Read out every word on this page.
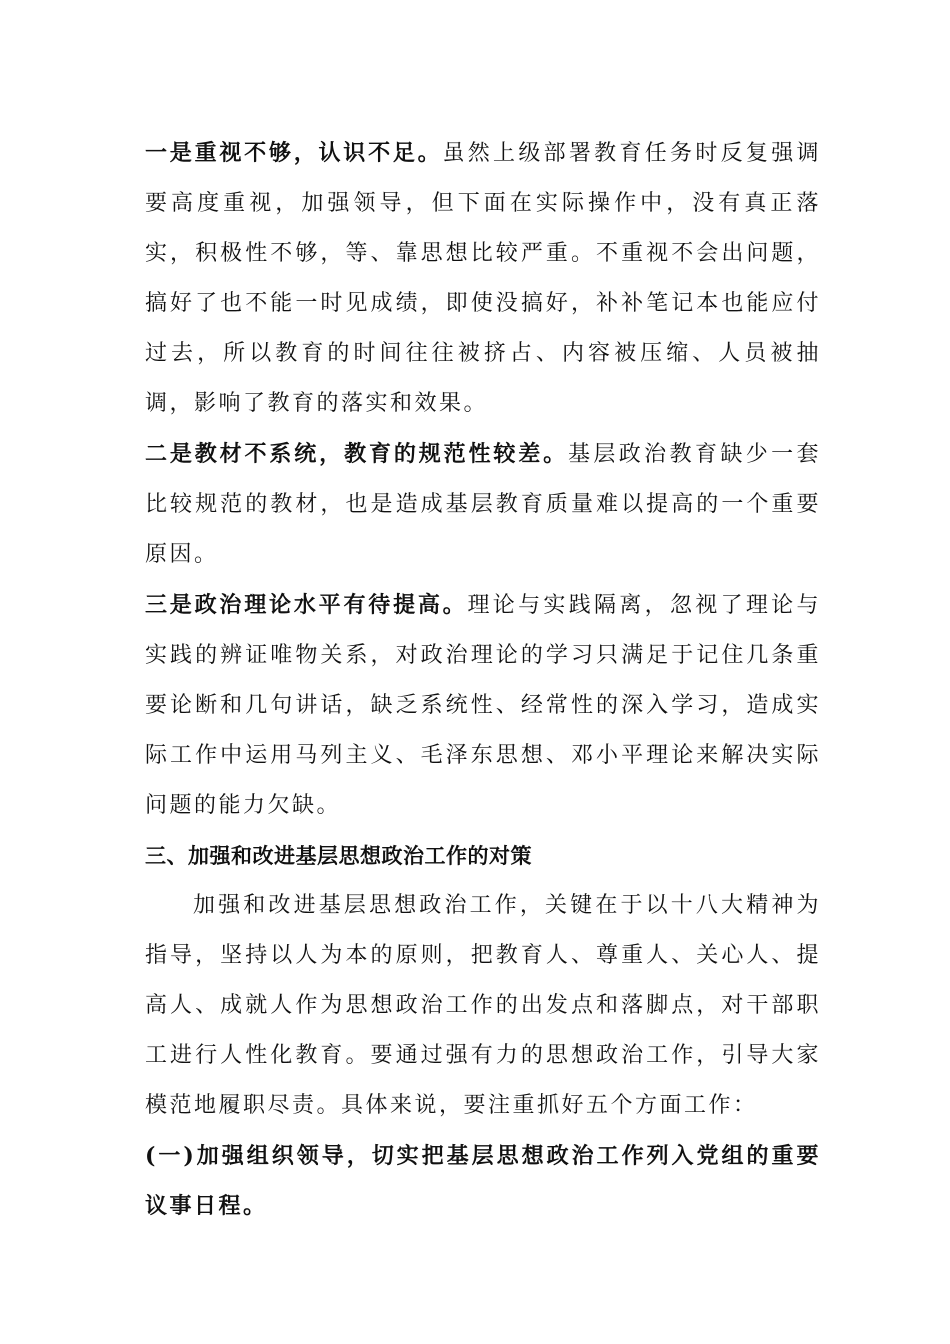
一是重视不够，认识不足。虽然上级部署教育任务时反复强调要高度重视，加强领导，但下面在实际操作中，没有真正落实，积极性不够，等、靠思想比较严重。不重视不会出问题，搞好了也不能一时见成绩，即使没搞好，补补笔记本也能应付过去，所以教育的时间往往被挤占、内容被压缩、人员被抽调，影响了教育的落实和效果。

二是教材不系统，教育的规范性较差。基层政治教育缺少一套比较规范的教材，也是造成基层教育质量难以提高的一个重要原因。

三是政治理论水平有待提高。理论与实践隔离，忽视了理论与实践的辨证唯物关系，对政治理论的学习只满足于记住几条重要论断和几句讲话，缺乏系统性、经常性的深入学习，造成实际工作中运用马列主义、毛泽东思想、邓小平理论来解决实际问题的能力欠缺。

三、加强和改进基层思想政治工作的对策

加强和改进基层思想政治工作，关键在于以十八大精神为指导，坚持以人为本的原则，把教育人、尊重人、关心人、提高人、成就人作为思想政治工作的出发点和落脚点，对干部职工进行人性化教育。要通过强有力的思想政治工作，引导大家模范地履职尽责。具体来说，要注重抓好五个方面工作：

(一)加强组织领导，切实把基层思想政治工作列入党组的重要议事日程。
